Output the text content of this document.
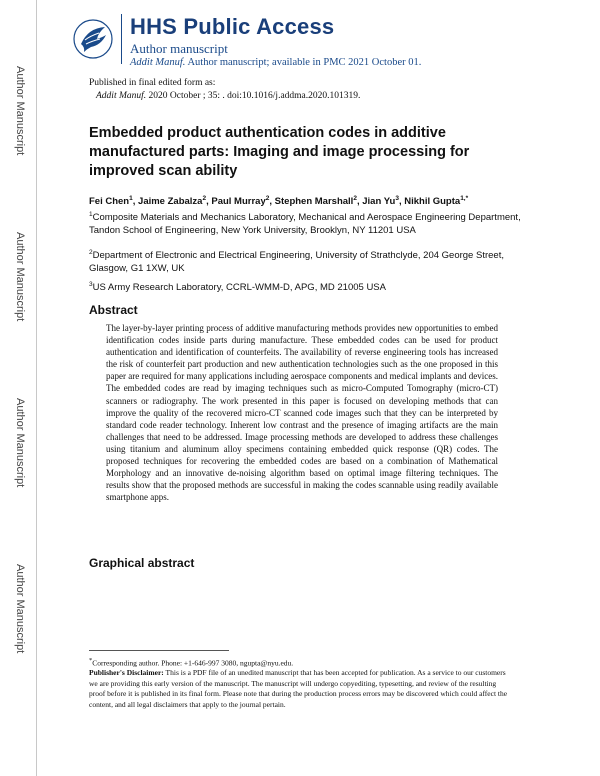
Author Manuscript
Author Manuscript
Author Manuscript
Author Manuscript
HHS Public Access
Author manuscript
Addit Manuf. Author manuscript; available in PMC 2021 October 01.
Published in final edited form as:
Addit Manuf. 2020 October ; 35: . doi:10.1016/j.addma.2020.101319.
Embedded product authentication codes in additive manufactured parts: Imaging and image processing for improved scan ability
Fei Chen$^1$, Jaime Zabalza$^2$, Paul Murray$^2$, Stephen Marshall$^2$, Jian Yu$^3$, Nikhil Gupta$^{1,*}$
$^1$Composite Materials and Mechanics Laboratory, Mechanical and Aerospace Engineering Department, Tandon School of Engineering, New York University, Brooklyn, NY 11201 USA
$^2$Department of Electronic and Electrical Engineering, University of Strathclyde, 204 George Street, Glasgow, G1 1XW, UK
$^3$US Army Research Laboratory, CCRL-WMM-D, APG, MD 21005 USA
Abstract
The layer-by-layer printing process of additive manufacturing methods provides new opportunities to embed identification codes inside parts during manufacture. These embedded codes can be used for product authentication and identification of counterfeits. The availability of reverse engineering tools has increased the risk of counterfeit part production and new authentication technologies such as the one proposed in this paper are required for many applications including aerospace components and medical implants and devices. The embedded codes are read by imaging techniques such as micro-Computed Tomography (micro-CT) scanners or radiography. The work presented in this paper is focused on developing methods that can improve the quality of the recovered micro-CT scanned code images such that they can be interpreted by standard code reader technology. Inherent low contrast and the presence of imaging artifacts are the main challenges that need to be addressed. Image processing methods are developed to address these challenges using titanium and aluminum alloy specimens containing embedded quick response (QR) codes. The proposed techniques for recovering the embedded codes are based on a combination of Mathematical Morphology and an innovative de-noising algorithm based on optimal image filtering techniques. The results show that the proposed methods are successful in making the codes scannable using readily available smartphone apps.
Graphical abstract
*Corresponding author. Phone: +1-646-997 3080, ngupta@nyu.edu.
Publisher's Disclaimer: This is a PDF file of an unedited manuscript that has been accepted for publication. As a service to our customers we are providing this early version of the manuscript. The manuscript will undergo copyediting, typesetting, and review of the resulting proof before it is published in its final form. Please note that during the production process errors may be discovered which could affect the content, and all legal disclaimers that apply to the journal pertain.
